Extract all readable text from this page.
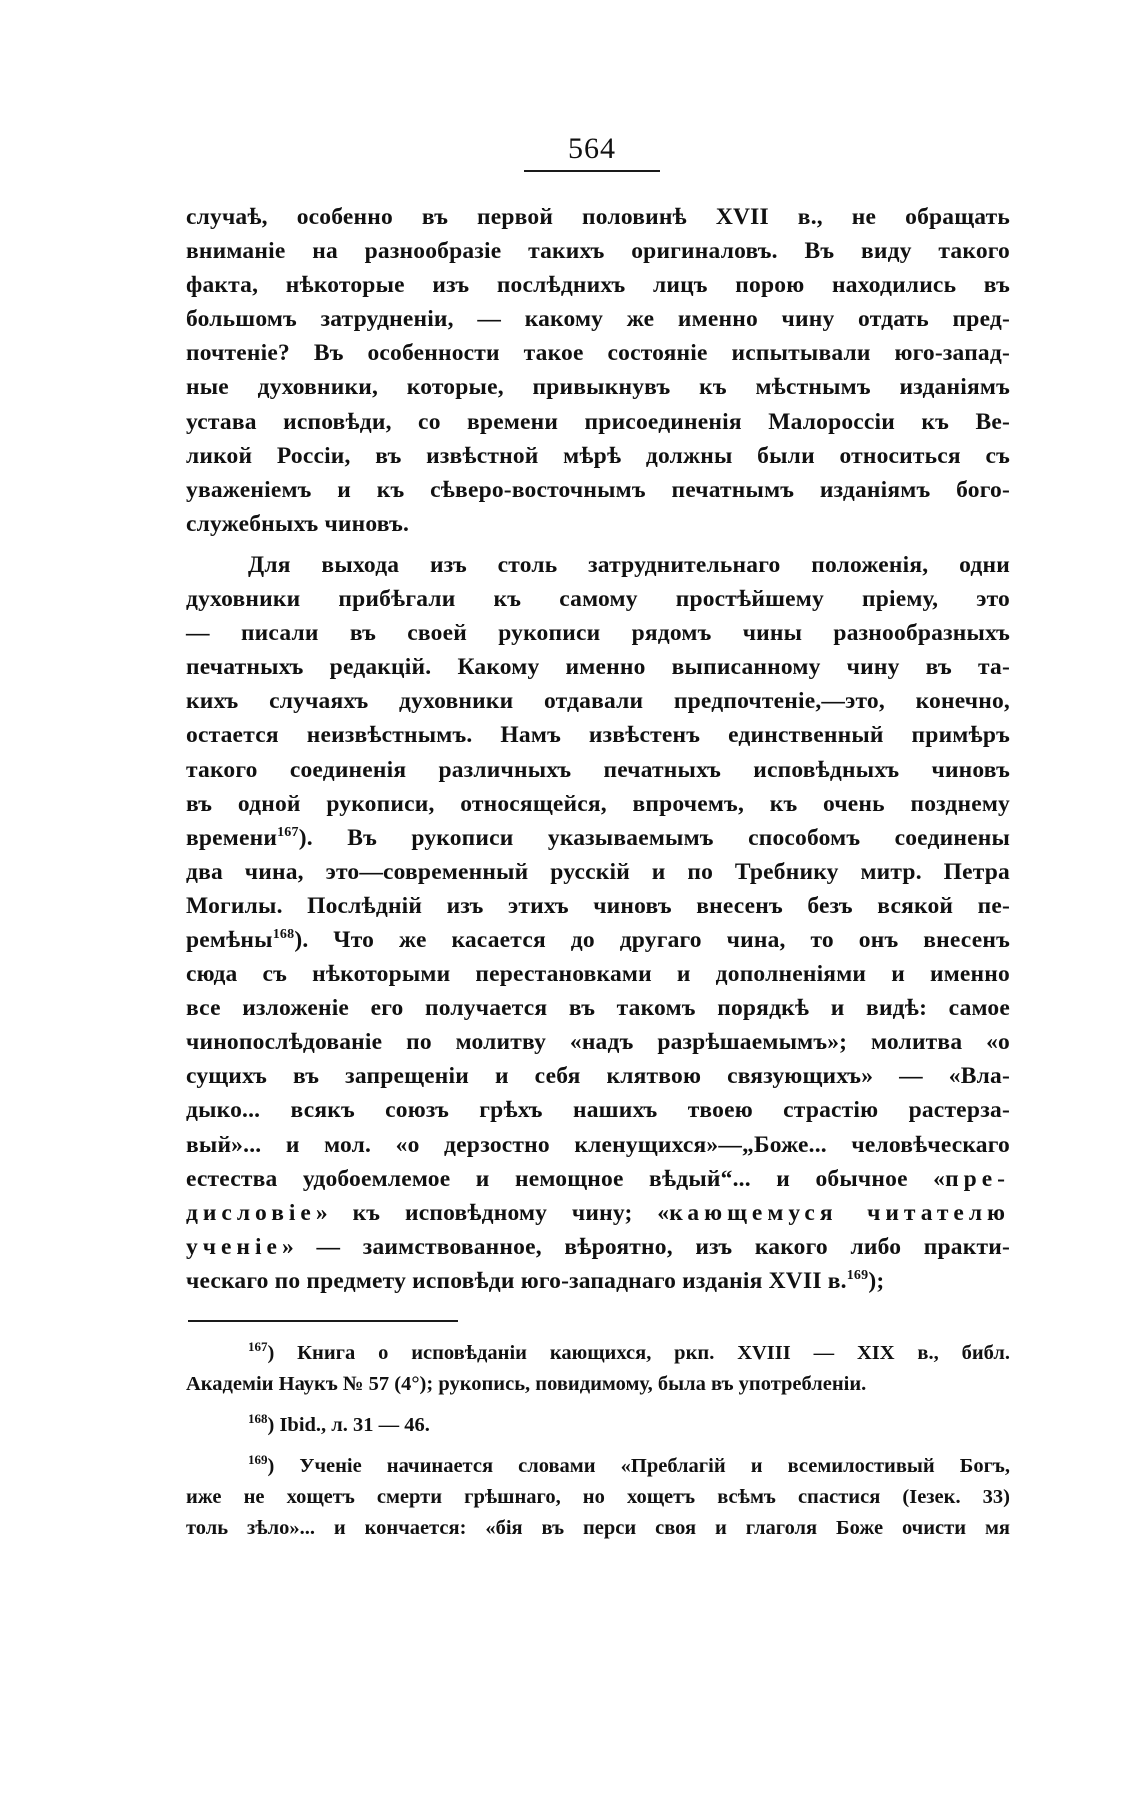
564

случаѣ, особенно въ первой половинѣ XVII в., не обращать
вниманіе на разнообразіе такихъ оригиналовъ. Въ виду такого
факта, нѣкоторые изъ послѣднихъ лицъ порою находились въ
большомъ затрудненіи, — какому же именно чину отдать пред-
почтеніе? Въ особенности такое состояніе испытывали юго-запад-
ные духовники, которые, привыкнувъ къ мѣстнымъ изданіямъ
устава исповѣди, со времени присоединенія Малороссіи къ Ве-
ликой Россіи, въ извѣстной мѣрѣ должны были относиться съ
уваженіемъ и къ сѣверо-восточнымъ печатнымъ изданіямъ бого-
служебныхъ чиновъ.

Для выхода изъ столь затруднительнаго положенія, одни
духовники прибѣгали къ самому простѣйшему пріему, это
— писали въ своей рукописи рядомъ чины разнообразныхъ
печатныхъ редакцій. Какому именно выписанному чину въ та-
кихъ случаяхъ духовники отдавали предпочтеніе,—это, конечно,
остается неизвѣстнымъ. Намъ извѣстенъ единственный примѣръ
такого соединенія различныхъ печатныхъ исповѣдныхъ чиновъ
въ одной рукописи, относящейся, впрочемъ, къ очень позднему
времени$^{167}$). Въ рукописи указываемымъ способомъ соединены
два чина, это—современный русскій и по Требнику митр. Петра
Могилы. Послѣдній изъ этихъ чиновъ внесенъ безъ всякой пе-
ремѣны$^{168}$). Что же касается до другаго чина, то онъ внесенъ
сюда съ нѣкоторыми перестановками и дополненіями и именно
все изложеніе его получается въ такомъ порядкѣ и видѣ: самое
чинопослѣдованіе по молитву «надъ разрѣшаемымъ»; молитва «о
сущихъ въ запрещеніи и себя клятвою связующихъ» — «Вла-
дыко... всякъ союзъ грѣхъ нашихъ твоею страстію растерза-
вый»... и мол. «о дерзостно кленущихся»—„Боже... человѣческаго
естества удобоемлемое и немощное вѣдый“... и обычное «пре-
дисловіе» къ исповѣдному чину; «кающемуся читателю
ученіе» — заимствованное, вѣроятно, изъ какого либо практи-
ческаго по предмету исповѣди юго-западнаго изданія XVII в.$^{169}$);

$^{167}$) Книга о исповѣданіи кающихся, ркп. XVIII — XIX в., библ.
Академіи Наукъ № 57 (4°); рукопись, повидимому, была въ употребленіи.
$^{168}$) Ibid., л. 31 — 46.
$^{169}$) Ученіе начинается словами «Преблагій и всемилостивый Богъ,
иже не хощетъ смерти грѣшнаго, но хощетъ всѣмъ спастися (Iезек. 33)
толь зѣло»... и кончается: «бія въ перси своя и глаголя Боже очисти мя
